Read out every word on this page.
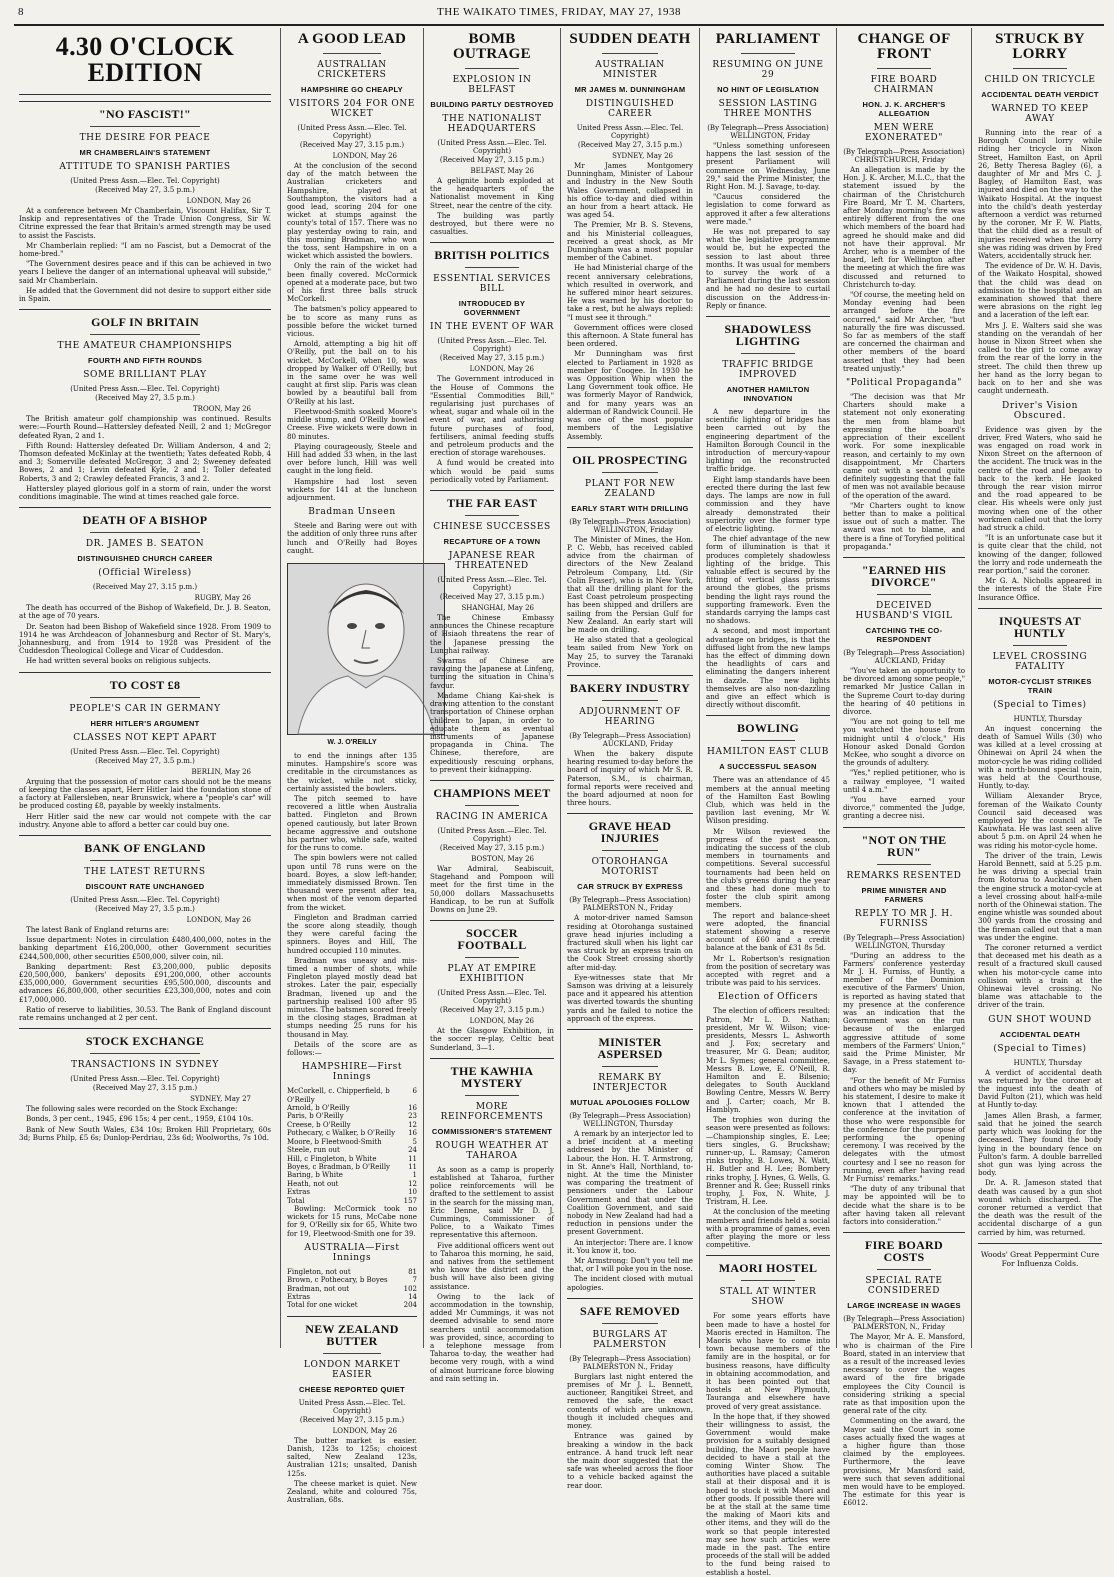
8	THE WAIKATO TIMES, FRIDAY, MAY 27, 1938
4.30 O'CLOCK EDITION
"NO FASCIST!"
THE DESIRE FOR PEACE
MR CHAMBERLAIN'S STATEMENT
ATTITUDE TO SPANISH PARTIES
(United Press Assn.—Elec. Tel. Copyright)
(Received May 27, 3.5 p.m.)
LONDON, May 26

At a conference between Mr Chamberlain, Viscount Halifax, Sir T. Inskip and representatives of the Trade Union Congress, Sir W. Citrine expressed the fear that Britain's armed strength may be used to assist the Fascists.

Mr Chamberlain replied: "I am no Fascist, but a Democrat of the home-bred."

"The Government desires peace and if this can be achieved in two years I believe the danger of an international upheaval will subside," said Mr Chamberlain.

He added that the Government did not desire to support either side in Spain.

GOLF IN BRITAIN
THE AMATEUR CHAMPIONSHIPS
FOURTH AND FIFTH ROUNDS
SOME BRILLIANT PLAY
(United Press Assn.—Elec. Tel. Copyright)
(Received May 27, 3.5 p.m.)
TROON, May 26

The British amateur golf championship was continued. Results were:—Fourth Round—Hattersley defeated Neill, 2 and 1; McGregor defeated Ryan, 2 and 1.

Fifth Round: Hattersley defeated Dr. William Anderson, 4 and 2; Thomson defeated McKinlay at the twentieth; Yates defeated Robb, 4 and 3; Somerville defeated McGregor, 3 and 2; Sweeney defeated Bowes, 2 and 1; Levin defeated Kyle, 2 and 1; Toller defeated Roberts, 3 and 2; Crawley defeated Francis, 3 and 2.

Hattersley played glorious golf in a storm of rain, under the worst conditions imaginable. The wind at times reached gale force.

DEATH OF A BISHOP
DR. JAMES B. SEATON
DISTINGUISHED CHURCH CAREER
(Official Wireless)
(Received May 27, 3.15 p.m.)
RUGBY, May 26

The death has occurred of the Bishop of Wakefield, Dr. J. B. Seaton, at the age of 70 years.

Dr. Seaton had been Bishop of Wakefield since 1928. From 1909 to 1914 he was Archdeacon of Johannesburg and Rector of St. Mary's, Johannesburg, and from 1914 to 1928 was President of the Cuddesdon Theological College and Vicar of Cuddesdon.

He had written several books on religious subjects.

TO COST £8
PEOPLE'S CAR IN GERMANY
HERR HITLER'S ARGUMENT
CLASSES NOT KEPT APART
(United Press Assn.—Elec. Tel. Copyright)
(Received May 27, 3.5 p.m.)
BERLIN, May 26

Arguing that the possession of motor cars should not be the means of keeping the classes apart, Herr Hitler laid the foundation stone of a factory at Fallersleben, near Brunswick, where a "people's car" will be produced costing £8, payable by weekly instalments.

Herr Hitler said the new car would not compete with the car industry. Anyone able to afford a better car could buy one.

BANK OF ENGLAND
THE LATEST RETURNS
DISCOUNT RATE UNCHANGED
(United Press Assn.—Elec. Tel. Copyright)
(Received May 27, 3.5 p.m.)
LONDON, May 26

The latest Bank of England returns are:

Issue department: Notes in circulation £480,400,000, notes in the banking department £16,200,000, other Government securities £244,500,000, other securities £500,000, silver coin, nil.

Banking department: Rest £3,200,000, public deposits £20,500,000, bankers' deposits £91,200,000, other accounts £35,000,000, Government securities £95,500,000, discounts and advances £6,800,000, other securities £23,300,000, notes and coin £17,000,000.

Ratio of reserve to liabilities, 30.53. The Bank of England discount rate remains unchanged at 2 per cent.

STOCK EXCHANGE
TRANSACTIONS IN SYDNEY
(United Press Assn.—Elec. Tel. Copyright)
(Received May 27, 3.15 p.m.)
SYDNEY, May 27

The following sales were recorded on the Stock Exchange:

Bonds, 3 per cent., 1945, £96 15s; 4 per cent., 1959, £104 10s.

Bank of New South Wales, £34 10s; Broken Hill Proprietary, 60s 3d; Burns Philp, £5 6s; Dunlop-Perdriau, 23s 6d; Woolworths, 7s 10d.

A GOOD LEAD
AUSTRALIAN CRICKETERS
HAMPSHIRE GO CHEAPLY
VISITORS 204 FOR ONE WICKET
(United Press Assn.—Elec. Tel. Copyright)
(Received May 27, 3.15 p.m.)
LONDON, May 26

At the conclusion of the second day of the match between the Australian cricketers and Hampshire, played at Southampton, the visitors had a good lead, scoring 204 for one wicket at stumps against the county's total of 157. There was no play yesterday owing to rain, and this morning Bradman, who won the toss, sent Hampshire in on a wicket which assisted the bowlers.

Only the rain of the wicket had been finally covered. McCormick opened at a moderate pace, but two of his first three balls struck McCorkell.

The batsmen's policy appeared to be to score as many runs as possible before the wicket turned vicious.

Arnold, attempting a big hit off O'Reilly, put the ball on to his wicket. McCorkell, when 10, was dropped by Walker off O'Reilly, but in the same over he was well caught at first slip. Paris was clean bowled by a beautiful ball from O'Reilly at his last.

Fleetwood-Smith soaked Moore's middle stump, and O'Reilly bowled Creese. Five wickets were down in 80 minutes.

Playing courageously, Steele and Hill had added 33 when, in the last over before lunch, Hill was well caught in the long field.

Hampshire had lost seven wickets for 141 at the luncheon adjournment.

Bradman Unseen

Steele and Baring were out with the addition of only three runs after lunch and O'Reilly had Boyes caught.

W. J. O'REILLY

to end the innings after 135 minutes. Hampshire's score was creditable in the circumstances as the wicket, while not sticky, certainly assisted the bowlers.

The pitch seemed to have recovered a little when Australia batted. Fingleton and Brown opened cautiously, but later Brown became aggressive and outshone his partner who, while safe, waited for the runs to come.

The spin bowlers were not called upon until 78 runs were on the board. Boyes, a slow left-hander, immediately dismissed Brown. Ten thousand were present after tea, when most of the venom departed from the wicket.

Fingleton and Bradman carried the score along steadily, though they were careful facing the spinners. Boyes and Hill, The hundred occupied 110 minutes.

Bradman was uneasy and mis-timed a number of shots, while Fingleton played mostly dead bat strokes. Later the pair, especially Bradman, livened up and the partnership realised 100 after 95 minutes. The batsmen scored freely in the closing stages, Bradman at stumps needing 25 runs for his thousand in May.

Details of the score are as follows:—

HAMPSHIRE—First Innings
McCorkell, c. Chipperfield, b O'Reilly
6
Arnold, b O'Reilly	16
Paris, b O'Reilly	23
Creese, b O'Reilly	12
Pothecary, c Walker, b O'Reilly 16
Moore, b Fleetwood-Smith	5
Steele, run out	24
Hill, c Fingleton, b White	11
Boyes, c Bradman, b O'Reilly	11
Baring, b White	1
Heath, not out	12
Extras	10
Total	157

Bowling: McCormick took no wickets for 15 runs, McCabe none for 9, O'Reilly six for 65, White two for 19, Fleetwood-Smith one for 39.

AUSTRALIA—First Innings
Fingleton, not out	81
Brown, c Pothecary, b Boyes	7
Bradman, not out	102
Extras	14
Total for one wicket	204
NEW ZEALAND BUTTER
LONDON MARKET EASIER
CHEESE REPORTED QUIET
United Press Assn.—Elec. Tel. Copyright)
(Received May 27, 3.15 p.m.)
LONDON, May 26

The butter market is easier. Danish, 123s to 125s; choicest salted, New Zealand 123s, Australian 121s; unsalted, Danish 125s.

The cheese market is quiet. New Zealand, white and coloured 75s, Australian, 68s.

BOMB OUTRAGE
EXPLOSION IN BELFAST
BUILDING PARTLY DESTROYED
THE NATIONALIST HEADQUARTERS
(United Press Assn.—Elec. Tel. Copyright)
(Received May 27, 3.15 p.m.)
BELFAST, May 26

A gelignite bomb exploded at the headquarters of the Nationalist movement in King Street, near the centre of the city.

The building was partly destroyed, but there were no casualties.

BRITISH POLITICS
ESSENTIAL SERVICES BILL
INTRODUCED BY GOVERNMENT
IN THE EVENT OF WAR
(United Press Assn.—Elec. Tel. Copyright)
(Received May 27, 3.15 p.m.)
LONDON, May 26

The Government introduced in the House of Commons the "Essential Commodities Bill," regularising just purchases of wheat, sugar and whale oil in the event of war, and authorising future purchases of food, fertilisers, animal feeding stuffs and petroleum products and the erection of storage warehouses.

A fund would be created into which would be paid sums periodically voted by Parliament.

THE FAR EAST
CHINESE SUCCESSES
RECAPTURE OF A TOWN
JAPANESE REAR THREATENED
(United Press Assn.—Elec. Tel. Copyright)
(Received May 27, 3.15 p.m.)
SHANGHAI, May 26

The Chinese Embassy announces the Chinese recapture of Hsiaoh threatens the rear of the Japanese pressing the Lunghai railway.

Swarms of Chinese are ravaging the Japanese at Linfeng, turning the situation in China's favour.

Madame Chiang Kai-shek is drawing attention to the constant transportation of Chinese orphan children to Japan, in order to educate them as eventual instruments of Japanese propaganda in China. The Chinese, therefore, are expeditiously rescuing orphans, to prevent their kidnapping.

CHAMPIONS MEET
RACING IN AMERICA
(United Press Assn.—Elec. Tel. Copyright)
(Received May 27, 3.15 p.m.)
BOSTON, May 26

War Admiral, Seabiscuit, Stagehand and Pompoon will meet for the first time in the 50,000 dollars Massachusetts Handicap, to be run at Suffolk Downs on June 29.

SOCCER FOOTBALL
PLAY AT EMPIRE EXHIBITION
(United Press Assn.—Elec. Tel. Copyright)
(Received May 27, 3.15 p.m.)
LONDON, May 26

At the Glasgow Exhibition, in the soccer re-play, Celtic beat Sunderland, 3—1.

THE KAWHIA MYSTERY
MORE REINFORCEMENTS
COMMISSIONER'S STATEMENT
ROUGH WEATHER AT TAHAROA

As soon as a camp is properly established at Taharoa, further police reinforcements will be drafted to the settlement to assist in the search for the missing man, Eric Denne, said Mr D. J. Cummings, Commissioner of Police, to a Waikato Times representative this afternoon.

Five additional officers went out to Taharoa this morning, he said, and natives from the settlement who know the district and the bush will have also been giving assistance.

Owing to the lack of accommodation in the township, added Mr Cummings, it was not deemed advisable to send more searchers until accommodation was provided, since, according to a telephone message from Taharoa to-day, the weather had become very rough, with a wind of almost hurricane force blowing and rain setting in.

SUDDEN DEATH
AUSTRALIAN MINISTER
MR JAMES M. DUNNINGHAM
DISTINGUISHED CAREER
United Press Assn.—Elec. Tel. Copyright)
(Received May 27, 3.15 p.m.)
SYDNEY, May 26

Mr James Montgomery Dunningham, Minister of Labour and Industry in the New South Wales Government, collapsed in his office to-day and died within an hour from a heart attack. He was aged 54.

The Premier, Mr B. S. Stevens, and his Ministerial colleagues, received a great shock, as Mr Dunningham was a most popular member of the Cabinet.

He had Ministerial charge of the recent anniversary celebrations, which resulted in overwork, and he suffered minor heart seizures. He was warned by his doctor to take a rest, but he always replied: "I must see it through."

Government offices were closed this afternoon. A State funeral has been ordered.

Mr Dunningham was first elected to Parliament in 1928 as member for Coogee. In 1930 he was Opposition Whip when the Lang Government took office. He was formerly Mayor of Randwick, and for many years was an alderman of Randwick Council. He was one of the most popular members of the Legislative Assembly.

OIL PROSPECTING
PLANT FOR NEW ZEALAND
EARLY START WITH DRILLING
(By Telegraph—Press Association)
WELLINGTON, Friday

The Minister of Mines, the Hon. P. C. Webb, has received cabled advice from the chairman of directors of the New Zealand Petroleum Company, Ltd. (Sir Colin Fraser), who is in New York, that all the drilling plant for the East Coast petroleum prospecting has been shipped and drillers are sailing from the Persian Gulf for New Zealand. An early start will be made on drilling.

He also stated that a geological team sailed from New York on May 25, to survey the Taranaki Province.

BAKERY INDUSTRY
ADJOURNMENT OF HEARING
(By Telegraph—Press Association)
AUCKLAND, Friday

When the bakery dispute hearing resumed to-day before the board of inquiry of which Mr S. R. Paterson, S.M., is chairman, formal reports were received and the board adjourned at noon for three hours.

GRAVE HEAD INJURIES
OTOROHANGA MOTORIST
CAR STRUCK BY EXPRESS
(By Telegraph—Press Association)
PALMERSTON N., Friday

A motor-driver named Samson residing at Otorohanga sustained grave head injuries including a fractured skull when his light car was struck by an express train on the Cook Street crossing shortly after mid-day.

Eye-witnesses state that Mr Samson was driving at a leisurely pace and it appeared his attention was diverted towards the shunting yards and he failed to notice the approach of the express.

MINISTER ASPERSED
REMARK BY INTERJECTOR
MUTUAL APOLOGIES FOLLOW
(By Telegraph—Press Association)
WELLINGTON, Thursday

A remark by an interjector led to a brief incident at a meeting addressed by the Minister of Labour, the Hon. H. T. Armstrong, in St. Anne's Hall, Northland, to-night. At the time the Minister was comparing the treatment of pensioners under the Labour Government and that under the Coalition Government, and said nobody in New Zealand had had a reduction in pensions under the present Government.

An interjector: There are. I know it. You know it, too.

Mr Armstrong: Don't you tell me that, or I will poke you in the nose.

The incident closed with mutual apologies.

SAFE REMOVED
BURGLARS AT PALMERSTON
(By Telegraph—Press Association)
PALMERSTON N., Friday

Burglars last night entered the premises of Mr J. L. Bennett, auctioneer, Rangitikei Street, and removed the safe, the exact contents of which are unknown, though it included cheques and money.

Entrance was gained by breaking a window in the back entrance. A hand truck left near the main door suggested that the safe was wheeled across the floor to a vehicle backed against the rear door.

PARLIAMENT
RESUMING ON JUNE 29
NO HINT OF LEGISLATION
SESSION LASTING THREE MONTHS
(By Telegraph—Press Association)
WELLINGTON, Friday

"Unless something unforeseen happens the last session of the present Parliament will commence on Wednesday, June 29," said the Prime Minister, the Right Hon. M. J. Savage, to-day.

"Caucus considered the legislation to come forward as approved it after a few alterations were made."

He was not prepared to say what the legislative programme would be, but he expected the session to last about three months. It was usual for members to survey the work of a Parliament during the last session and he had no desire to curtail discussion on the Address-in-Reply or finance.

SHADOWLESS LIGHTING
TRAFFIC BRIDGE IMPROVED
ANOTHER HAMILTON INNOVATION

A new departure in the scientific lighting of bridges has been carried out by the engineering department of the Hamilton Borough Council in the introduction of mercury-vapour lighting on the reconstructed traffic bridge.

Eight lamp standards have been erected there during the last few days. The lamps are now in full commission and they have already demonstrated their superiority over the former type of electric lighting.

The chief advantage of the new form of illumination is that it produces completely shadowless lighting of the bridge. This valuable effect is secured by the fitting of vertical glass prisms around the globes, the prisms bending the light rays round the supporting framework. Even the standards carrying the lamps cast no shadows.

A second, and most important advantage on bridges, is that the diffused light from the new lamps has the effect of dimming down the headlights of cars and eliminating the dangers inherent in dazzle. The new lights themselves are also non-dazzling and give an effect which is directly without discomfit.

BOWLING
HAMILTON EAST CLUB
A SUCCESSFUL SEASON

There was an attendance of 45 members at the annual meeting of the Hamilton East Bowling Club, which was held in the pavilion last evening, Mr W. Wilson presiding.

Mr Wilson reviewed the progress of the past season, indicating the success of the club members in tournaments and competitions. Several successful tournaments had been held on the club's greens during the year and these had done much to foster the club spirit among members.

The report and balance-sheet were adopted, the financial statement showing a reserve account of £60 and a credit balance at the bank of £31 8s 5d.

Mr L. Robertson's resignation from the position of secretary was accepted with regret and a tribute was paid to his services.

Election of Officers

The election of officers resulted: Patron, Mr L. D. Nathan; president, Mr W. Wilson; vice-presidents, Messrs L. Ashworth and J. Fox; secretary and treasurer, Mr G. Dean; auditor, Mr L. Symes; general committee, Messrs B. Lowe, E. O'Neill, R. Hamilton and E. Bilsenio; delegates to South Auckland Bowling Centre, Messrs W. Berry and J. Carter; coach, Mr B. Hamblyn.

The trophies won during the season were presented as follows:—Championship singles, E. Lee; tiers singles, G. Bruckshaw; runner-up, L. Ramsay; Cameron rinks trophy, B. Lowes, N. Watt, H. Butler and H. Lee; Bombery rinks trophy, J. Hynes, G. Wells, G. Brenner and R. Gee; Russell rinks trophy, J. Fox, N. White, J. Tristram, H. Lee.

At the conclusion of the meeting members and friends held a social with a programme of games, even after playing the more or less competitive.

MAORI HOSTEL
STALL AT WINTER SHOW

For some years efforts have been made to have a hostel for Maoris erected in Hamilton. The Maoris who have to come into town because members of the family are in the hospital, or for business reasons, have difficulty in obtaining accommodation, and it has been pointed out that hostels at New Plymouth, Tauranga and elsewhere have proved of very great assistance.

In the hope that, if they showed their willingness to assist, the Government would make provision for a suitably designed building, the Maori people have decided to have a stall at the coming Winter Show. The authorities have placed a suitable stall at their disposal and it is hoped to stock it with Maori and other goods. If possible there will be at the stall at the same time the making of Maori kits and other items, and they will do the work so that people interested may see how such articles were made in the past. The entire proceeds of the stall will be added to the fund being raised to establish a hostel.

CHANGE OF FRONT
FIRE BOARD CHAIRMAN
HON. J. K. ARCHER'S ALLEGATION
MEN WERE EXONERATED"
(By Telegraph—Press Association)
CHRISTCHURCH, Friday

An allegation is made by the Hon. J. K. Archer, M.L.C., that the statement issued by the chairman of the Christchurch Fire Board, Mr T. M. Charters, after Monday morning's fire was entirely different from the one which members of the board had agreed he should make and did not have their approval. Mr Archer, who is a member of the board, left for Wellington after the meeting at which the fire was discussed and returned to Christchurch to-day.

"Of course, the meeting held on Monday evening had been arranged before the fire occurred," said Mr Archer, "but naturally the fire was discussed. So far as members of the staff are concerned the chairman and other members of the board asserted that they had been treated unjustly."

"Political Propaganda"

"The decision was that Mr Charters should make a statement not only exonerating the men from blame but expressing the board's appreciation of their excellent work. For some inexplicable reason, and certainly to my own disappointment, Mr Charters came out with a second quite definitely suggesting that the fall of men was not available because of the operation of the award.

"Mr Charters ought to know better than to make a political issue out of such a matter. The award was not to blame, and there is a fine of Toryfied political propaganda."

"EARNED HIS DIVORCE"
DECEIVED HUSBAND'S VIGIL
CATCHING THE CO-RESPONDENT
(By Telegraph—Press Association)
AUCKLAND, Friday

"You've taken an opportunity to be divorced among some people," remarked Mr Justice Callan in the Supreme Court to-day during the hearing of 40 petitions in divorce.

"You are not going to tell me you watched the house from midnight until 4 o'clock," His Honour asked Donald Gordon McKee, who sought a divorce on the grounds of adultery.

"Yes," replied petitioner, who is a railway employee, "I waited until 4 a.m."

"You have earned your divorce," commented the Judge, granting a decree nisi.

"NOT ON THE RUN"
REMARKS RESENTED
PRIME MINISTER AND FARMERS
REPLY TO MR J. H. FURNISS
(By Telegraph—Press Association)
WELLINGTON, Thursday

"During an address to the Farmers' conference yesterday Mr J. H. Furniss, of Huntly, a member of the Dominion executive of the Farmers' Union, is reported as having stated that my presence at the conference was an indication that the Government was on the run because of the enlarged aggressive attitude of some members of the Farmers' Union," said the Prime Minister, Mr Savage, in a Press statement to-day.

"For the benefit of Mr Furniss and others who may be misled by his statement, I desire to make it known that I attended the conference at the invitation of those who were responsible for the conference for the purpose of performing the opening ceremony. I was received by the delegates with the utmost courtesy and I see no reason for running, even after having read Mr Furniss' remarks."

"The duty of any tribunal that may be appointed will be to decide what the share is to be after having taken all relevant factors into consideration."

FIRE BOARD COSTS
SPECIAL RATE CONSIDERED
LARGE INCREASE IN WAGES
(By Telegraph—Press Association)
PALMERSTON, N., Friday

The Mayor, Mr A. E. Mansford, who is chairman of the Fire Board, stated in an interview that as a result of the increased levies necessary to cover the wages award of the fire brigade employees the City Council is considering striking a special rate as that imposition upon the general rate of the city.

Commenting on the award, the Mayor said the Court in some cases actually fixed the wages at a higher figure than those claimed by the employees. Furthermore, the leave provisions, Mr Mansford said, were such that seven additional men would have to be employed. The estimate for this year is £6012.

STRUCK BY LORRY
CHILD ON TRICYCLE
ACCIDENTAL DEATH VERDICT
WARNED TO KEEP AWAY

Running into the rear of a Borough Council lorry while riding her tricycle in Nixon Street, Hamilton East, on April 26, Betty Theresa Bagley (6), a daughter of Mr and Mrs C. J. Bagley, of Hamilton East, was injured and died on the way to the Waikato Hospital. At the inquest into the child's death yesterday afternoon a verdict was returned by the coroner, Mr F. W. Platts, that the child died as a result of injuries received when the lorry she was riding was driven by Fred Waters, accidentally struck her.

The evidence of Dr. W. H. Davis, of the Waikato Hospital, showed that the child was dead on admission to the hospital and an examination showed that there were abrasions on the right leg and a laceration of the left ear.

Mrs J. E. Walters said she was standing on the verandah of her house in Nixon Street when she called to the girl to come away from the rear of the lorry in the street. The child then threw up her hand as the lorry began to back on to her and she was caught underneath.

Driver's Vision Obscured.

Evidence was given by the driver, Fred Waters, who said he was engaged on road work in Nixon Street on the afternoon of the accident. The truck was in the centre of the road and began to back to the kerb. He looked through the rear vision mirror and the road appeared to be clear. His wheels were only just moving when one of the other workmen called out that the lorry had struck a child.

"It is an unfortunate case but it is quite clear that the child, not knowing of the danger, followed the lorry and rode underneath the rear portion," said the coroner.

Mr G. A. Nicholls appeared in the interests of the State Fire Insurance Office.

INQUESTS AT HUNTLY
LEVEL CROSSING FATALITY
MOTOR-CYCLIST STRIKES TRAIN
(Special to Times)
HUNTLY, Thursday

An inquest concerning the death of Samuel Wills (30) who was killed at a level crossing at Ohinewai on April 24 when the motor-cycle he was riding collided with a north-bound special train, was held at the Courthouse, Huntly, to-day.

William Alexander Bryce, foreman of the Waikato County Council said deceased was employed by the council at Te Kauwhata. He was last seen alive about 5 p.m. on April 24 when he was riding his motor-cycle home.

The driver of the train, Lewis Harold Bennett, said at 5.25 p.m. he was driving a special train from Rotorua to Auckland when the engine struck a motor-cycle at a level crossing about half-a-mile north of the Ohinewai station. The engine whistle was sounded about 300 yards from the crossing and the fireman called out that a man was under the engine.

The coroner returned a verdict that deceased met his death as a result of a fractured skull caused when his motor-cycle came into collision with a train at the Ohinewai level crossing. No blame was attachable to the driver of the train.

GUN SHOT WOUND
ACCIDENTAL DEATH
(Special to Times)
HUNTLY, Thursday

A verdict of accidental death was returned by the coroner at the inquest into the death of David Fulton (21), which was held at Huntly to-day.

James Allen Brash, a farmer, said that he joined the search party which was looking for the deceased. They found the body lying in the boundary fence on Fulton's farm. A double barrelled shot gun was lying across the body.

Dr. A. R. Jameson stated that death was caused by a gun shot wound which discharged. The coroner returned a verdict that the death was the result of the accidental discharge of a gun carried by him, was returned.

Woods' Great Peppermint Cure For Influenza Colds.
